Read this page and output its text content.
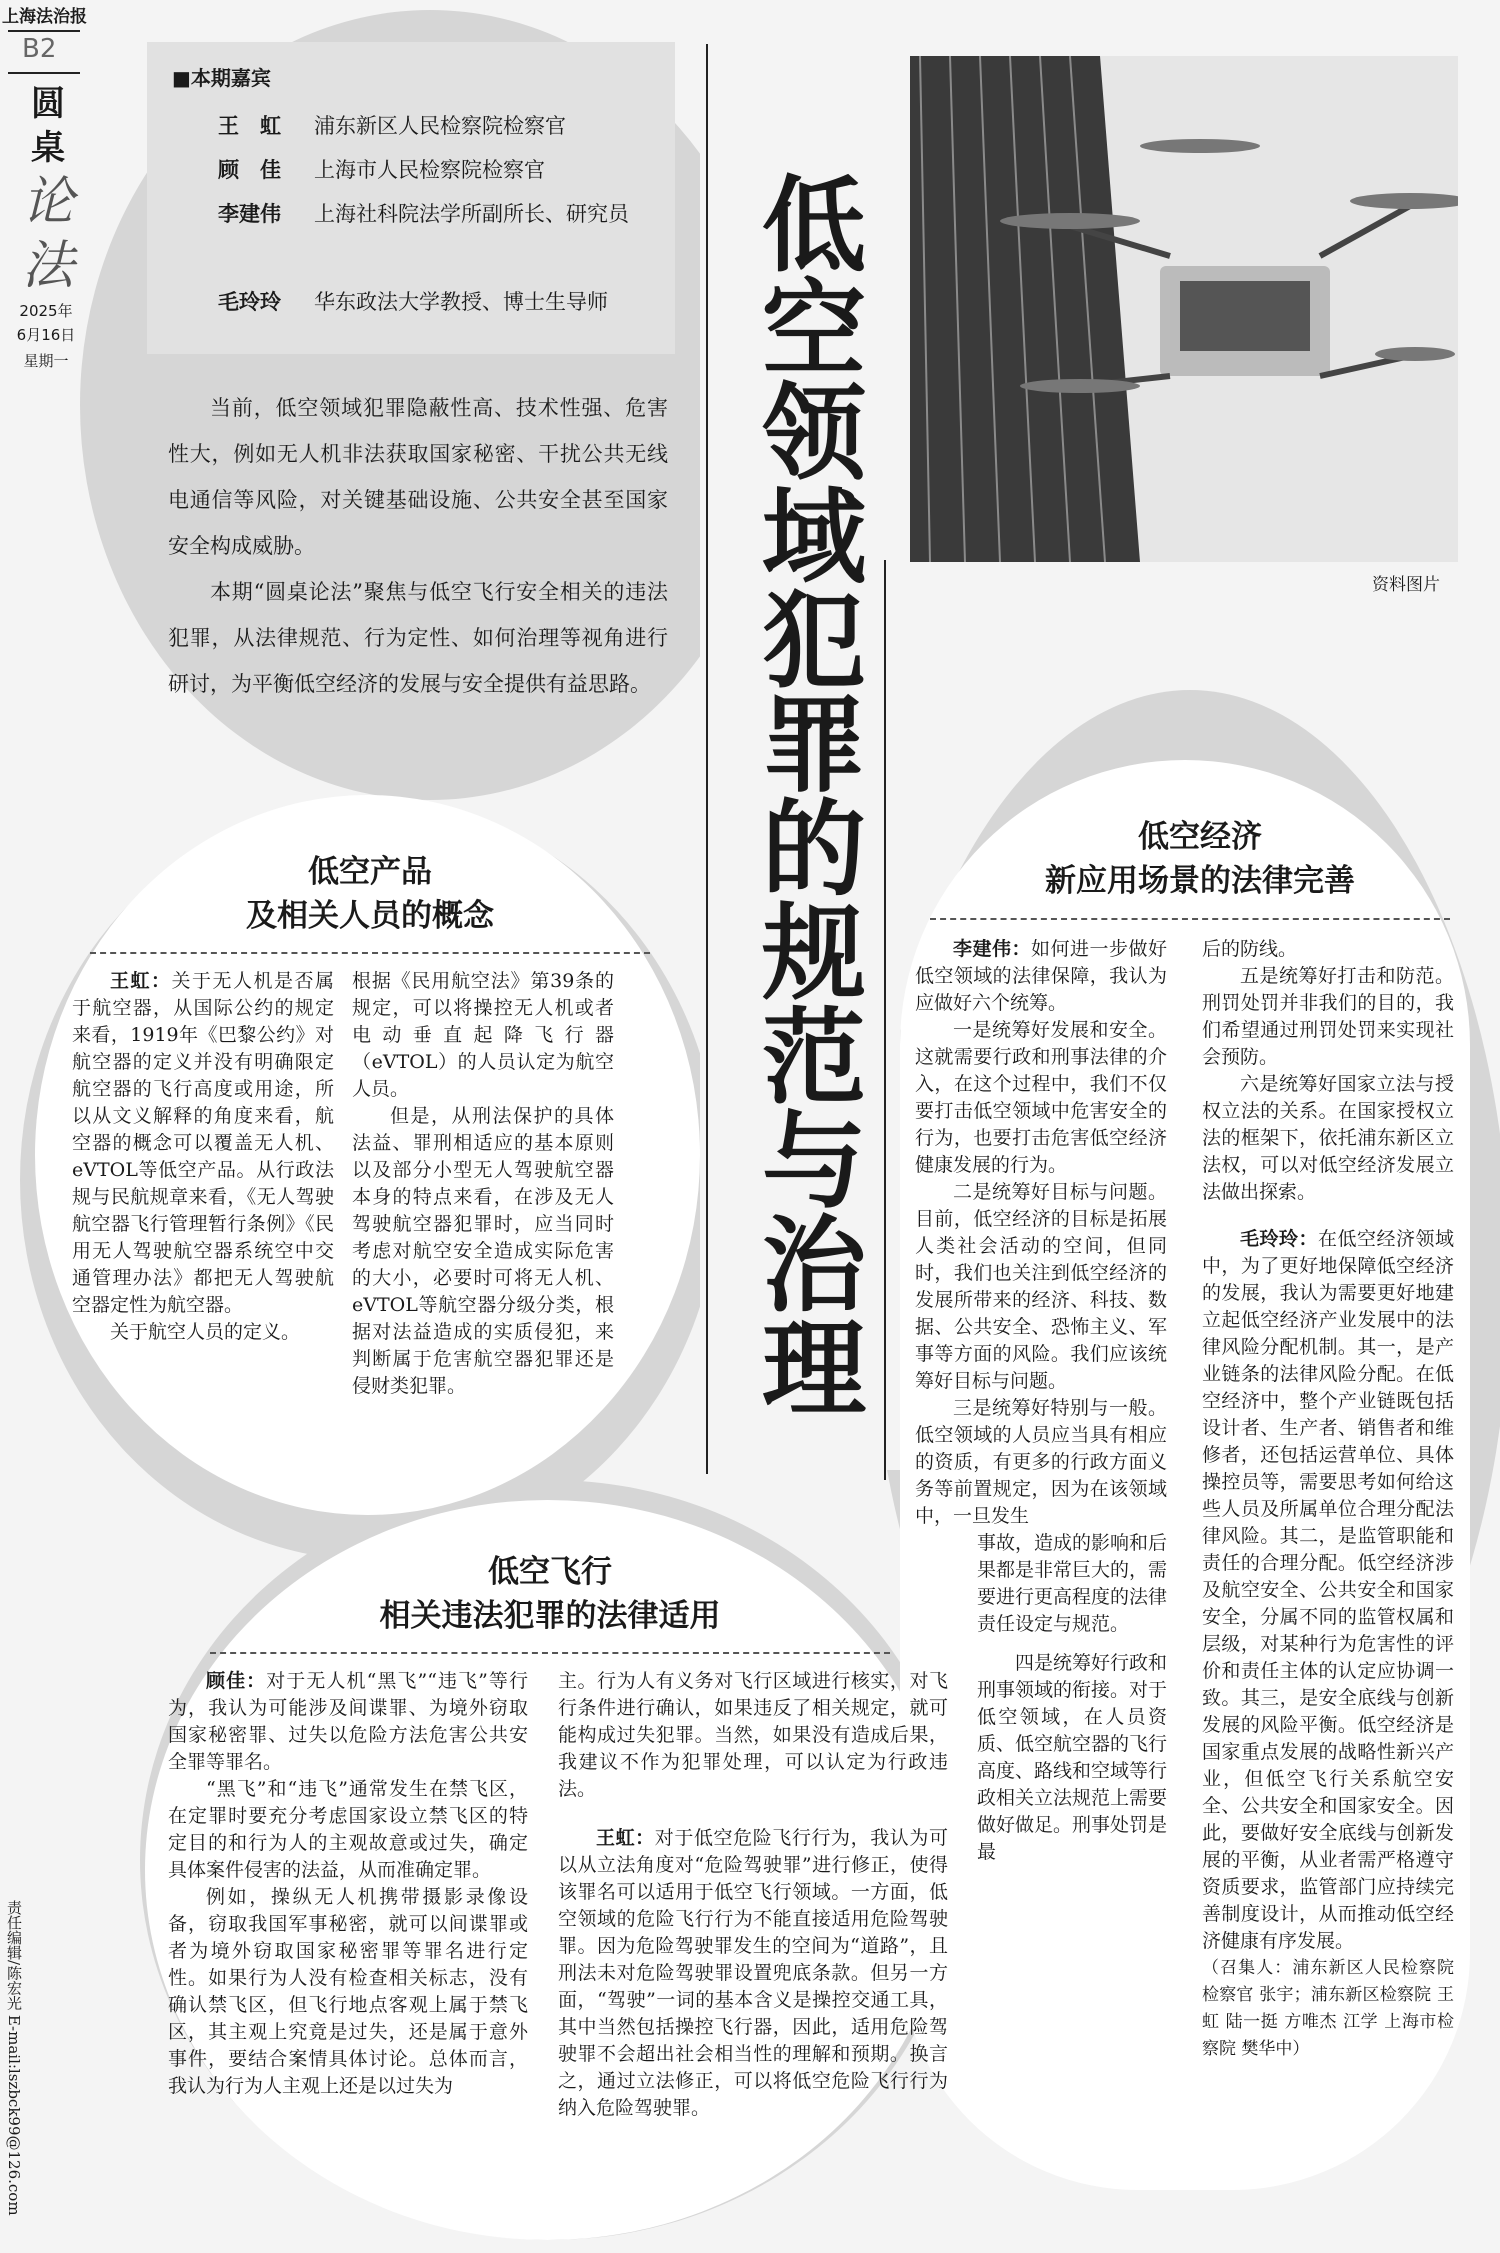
上海法治报
B2
圆桌
论法
2025年
6月16日
星期一
责任编辑/陈宏光 E-mail:lszbck99@126.com
■本期嘉宾
王　虹 浦东新区人民检察院检察官
顾　佳 上海市人民检察院检察官
李建伟 上海社科院法学所副所长、研究员
毛玲玲 华东政法大学教授、博士生导师
当前，低空领域犯罪隐蔽性高、技术性强、危害性大，例如无人机非法获取国家秘密、干扰公共无线电通信等风险，对关键基础设施、公共安全甚至国家安全构成威胁。
本期“圆桌论法”聚焦与低空飞行安全相关的违法犯罪，从法律规范、行为定性、如何治理等视角进行研讨，为平衡低空经济的发展与安全提供有益思路。 低空领域犯罪的规范与治理	资料图片
低空产品
及相关人员的概念

王虹：关于无人机是否属于航空器，从国际公约的规定来看，1919年《巴黎公约》对航空器的定义并没有明确限定航空器的飞行高度或用途，所以从文义解释的角度来看，航空器的概念可以覆盖无人机、eVTOL等低空产品。从行政法规与民航规章来看，《无人驾驶航空器飞行管理暂行条例》《民用无人驾驶航空器系统空中交通管理办法》都把无人驾驶航空器定性为航空器。

关于航空人员的定义。

根据《民用航空法》第39条的规定，可以将操控无人机或者电动垂直起降飞行器（eVTOL）的人员认定为航空人员。

但是，从刑法保护的具体法益、罪刑相适应的基本原则以及部分小型无人驾驶航空器本身的特点来看，在涉及无人驾驶航空器犯罪时，应当同时考虑对航空安全造成实际危害的大小，必要时可将无人机、eVTOL等航空器分级分类，根据对法益造成的实质侵犯，来判断属于危害航空器犯罪还是侵财类犯罪。

低空飞行
相关违法犯罪的法律适用

顾佳：对于无人机“黑飞”“违飞”等行为，我认为可能涉及间谍罪、为境外窃取国家秘密罪、过失以危险方法危害公共安全罪等罪名。

“黑飞”和“违飞”通常发生在禁飞区，在定罪时要充分考虑国家设立禁飞区的特定目的和行为人的主观故意或过失，确定具体案件侵害的法益，从而准确定罪。

例如，操纵无人机携带摄影录像设备，窃取我国军事秘密，就可以间谍罪或者为境外窃取国家秘密罪等罪名进行定性。如果行为人没有检查相关标志，没有确认禁飞区，但飞行地点客观上属于禁飞区，其主观上究竟是过失，还是属于意外事件，要结合案情具体讨论。总体而言，我认为行为人主观上还是以过失为

主。行为人有义务对飞行区域进行核实，对飞行条件进行确认，如果违反了相关规定，就可能构成过失犯罪。当然，如果没有造成后果，我建议不作为犯罪处理，可以认定为行政违法。

王虹：对于低空危险飞行行为，我认为可以从立法角度对“危险驾驶罪”进行修正，使得该罪名可以适用于低空飞行领域。一方面，低空领域的危险飞行行为不能直接适用危险驾驶罪。因为危险驾驶罪发生的空间为“道路”，且刑法未对危险驾驶罪设置兜底条款。但另一方面，“驾驶”一词的基本含义是操控交通工具，其中当然包括操控飞行器，因此，适用危险驾驶罪不会超出社会相当性的理解和预期。换言之，通过立法修正，可以将低空危险飞行行为纳入危险驾驶罪。

低空经济
新应用场景的法律完善

李建伟：如何进一步做好低空领域的法律保障，我认为应做好六个统筹。

一是统筹好发展和安全。这就需要行政和刑事法律的介入，在这个过程中，我们不仅要打击低空领域中危害安全的行为，也要打击危害低空经济健康发展的行为。

二是统筹好目标与问题。目前，低空经济的目标是拓展人类社会活动的空间，但同时，我们也关注到低空经济的发展所带来的经济、科技、数据、公共安全、恐怖主义、军事等方面的风险。我们应该统筹好目标与问题。

三是统筹好特别与一般。低空领域的人员应当具有相应的资质，有更多的行政方面义务等前置规定，因为在该领域中，一旦发生

事故，造成的影响和后果都是非常巨大的，需要进行更高程度的法律责任设定与规范。

四是统筹好行政和刑事领域的衔接。对于低空领域，在人员资质、低空航空器的飞行高度、路线和空域等行政相关立法规范上需要做好做足。刑事处罚是最

后的防线。

五是统筹好打击和防范。刑罚处罚并非我们的目的，我们希望通过刑罚处罚来实现社会预防。

六是统筹好国家立法与授权立法的关系。在国家授权立法的框架下，依托浦东新区立法权，可以对低空经济发展立法做出探索。

毛玲玲：在低空经济领域中，为了更好地保障低空经济的发展，我认为需要更好地建立起低空经济产业发展中的法律风险分配机制。其一，是产业链条的法律风险分配。在低空经济中，整个产业链既包括设计者、生产者、销售者和维修者，还包括运营单位、具体操控员等，需要思考如何给这些人员及所属单位合理分配法律风险。其二，是监管职能和责任的合理分配。低空经济涉及航空安全、公共安全和国家安全，分属不同的监管权属和层级，对某种行为危害性的评价和责任主体的认定应协调一致。其三，是安全底线与创新发展的风险平衡。低空经济是国家重点发展的战略性新兴产业，但低空飞行关系航空安全、公共安全和国家安全。因此，要做好安全底线与创新发展的平衡，从业者需严格遵守资质要求，监管部门应持续完善制度设计，从而推动低空经济健康有序发展。

（召集人：浦东新区人民检察院检察官 张宇；浦东新区检察院 王虹 陆一挺 方唯杰 江学 上海市检察院 樊华中）
